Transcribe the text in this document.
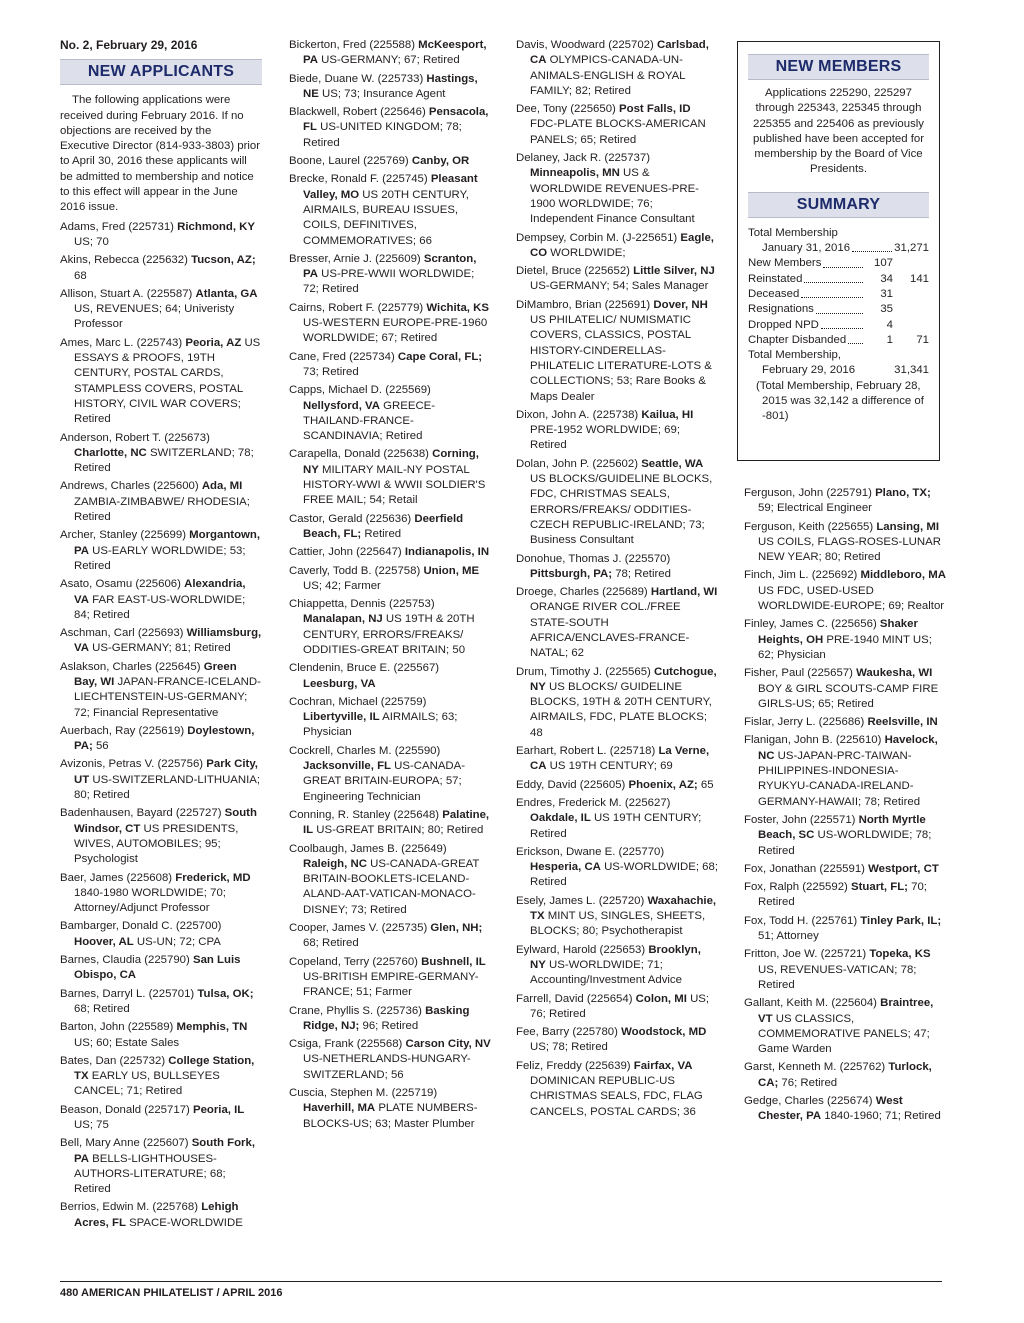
No. 2, February 29, 2016

NEW APPLICANTS

The following applications were received during February 2016. If no objections are received by the Executive Director (814-933-3803) prior to April 30, 2016 these applicants will be admitted to membership and notice to this effect will appear in the June 2016 issue.

Adams, Fred (225731) Richmond, KY US; 70

Akins, Rebecca (225632) Tucson, AZ; 68

Allison, Stuart A. (225587) Atlanta, GA US, REVENUES; 64; Univeristy Professor

Ames, Marc L. (225743) Peoria, AZ US ESSAYS & PROOFS, 19TH CENTURY, POSTAL CARDS, STAMPLESS COVERS, POSTAL HISTORY, CIVIL WAR COVERS; Retired

Anderson, Robert T. (225673) Charlotte, NC SWITZERLAND; 78; Retired

Andrews, Charles (225600) Ada, MI ZAMBIA-ZIMBABWE/ RHODESIA; Retired

Archer, Stanley (225699) Morgantown, PA US-EARLY WORLDWIDE; 53; Retired

Asato, Osamu (225606) Alexandria, VA FAR EAST-US-WORLDWIDE; 84; Retired

Aschman, Carl (225693) Williamsburg, VA US-GERMANY; 81; Retired

Aslakson, Charles (225645) Green Bay, WI JAPAN-FRANCE-ICELAND-LIECHTENSTEIN-US-GERMANY; 72; Financial Representative

Auerbach, Ray (225619) Doylestown, PA; 56

Avizonis, Petras V. (225756) Park City, UT US-SWITZERLAND-LITHUANIA; 80; Retired

Badenhausen, Bayard (225727) South Windsor, CT US PRESIDENTS, WIVES, AUTOMOBILES; 95; Psychologist

Baer, James (225608) Frederick, MD 1840-1980 WORLDWIDE; 70; Attorney/Adjunct Professor

Bambarger, Donald C. (225700) Hoover, AL US-UN; 72; CPA

Barnes, Claudia (225790) San Luis Obispo, CA

Barnes, Darryl L. (225701) Tulsa, OK; 68; Retired

Barton, John (225589) Memphis, TN US; 60; Estate Sales

Bates, Dan (225732) College Station, TX EARLY US, BULLSEYES CANCEL; 71; Retired

Beason, Donald (225717) Peoria, IL US; 75

Bell, Mary Anne (225607) South Fork, PA BELLS-LIGHTHOUSES-AUTHORS-LITERATURE; 68; Retired

Berrios, Edwin M. (225768) Lehigh Acres, FL SPACE-WORLDWIDE

Bickerton, Fred (225588) McKeesport, PA US-GERMANY; 67; Retired

Biede, Duane W. (225733) Hastings, NE US; 73; Insurance Agent

Blackwell, Robert (225646) Pensacola, FL US-UNITED KINGDOM; 78; Retired

Boone, Laurel (225769) Canby, OR

Brecke, Ronald F. (225745) Pleasant Valley, MO US 20TH CENTURY, AIRMAILS, BUREAU ISSUES, COILS, DEFINITIVES, COMMEMORATIVES; 66

Bresser, Arnie J. (225609) Scranton, PA US-PRE-WWII WORLDWIDE; 72; Retired

Cairns, Robert F. (225779) Wichita, KS US-WESTERN EUROPE-PRE-1960 WORLDWIDE; 67; Retired

Cane, Fred (225734) Cape Coral, FL; 73; Retired

Capps, Michael D. (225569) Nellysford, VA GREECE-THAILAND-FRANCE-SCANDINAVIA; Retired

Carapella, Donald (225638) Corning, NY MILITARY MAIL-NY POSTAL HISTORY-WWI & WWII SOLDIER'S FREE MAIL; 54; Retail

Castor, Gerald (225636) Deerfield Beach, FL; Retired

Cattier, John (225647) Indianapolis, IN

Caverly, Todd B. (225758) Union, ME US; 42; Farmer

Chiappetta, Dennis (225753) Manalapan, NJ US 19TH & 20TH CENTURY, ERRORS/FREAKS/ ODDITIES-GREAT BRITAIN; 50

Clendenin, Bruce E. (225567) Leesburg, VA

Cochran, Michael (225759) Libertyville, IL AIRMAILS; 63; Physician

Cockrell, Charles M. (225590) Jacksonville, FL US-CANADA-GREAT BRITAIN-EUROPA; 57; Engineering Technician

Conning, R. Stanley (225648) Palatine, IL US-GREAT BRITAIN; 80; Retired

Coolbaugh, James B. (225649) Raleigh, NC US-CANADA-GREAT BRITAIN-BOOKLETS-ICELAND-ALAND-AAT-VATICAN-MONACO-DISNEY; 73; Retired

Cooper, James V. (225735) Glen, NH; 68; Retired

Copeland, Terry (225760) Bushnell, IL US-BRITISH EMPIRE-GERMANY-FRANCE; 51; Farmer

Crane, Phyllis S. (225736) Basking Ridge, NJ; 96; Retired

Csiga, Frank (225568) Carson City, NV US-NETHERLANDS-HUNGARY-SWITZERLAND; 56

Cuscia, Stephen M. (225719) Haverhill, MA PLATE NUMBERS-BLOCKS-US; 63; Master Plumber

Davis, Woodward (225702) Carlsbad, CA OLYMPICS-CANADA-UN-ANIMALS-ENGLISH & ROYAL FAMILY; 82; Retired

Dee, Tony (225650) Post Falls, ID FDC-PLATE BLOCKS-AMERICAN PANELS; 65; Retired

Delaney, Jack R. (225737) Minneapolis, MN US & WORLDWIDE REVENUES-PRE-1900 WORLDWIDE; 76; Independent Finance Consultant

Dempsey, Corbin M. (J-225651) Eagle, CO WORLDWIDE;

Dietel, Bruce (225652) Little Silver, NJ US-GERMANY; 54; Sales Manager

DiMambro, Brian (225691) Dover, NH US PHILATELIC/ NUMISMATIC COVERS, CLASSICS, POSTAL HISTORY-CINDERELLAS-PHILATELIC LITERATURE-LOTS & COLLECTIONS; 53; Rare Books & Maps Dealer

Dixon, John A. (225738) Kailua, HI PRE-1952 WORLDWIDE; 69; Retired

Dolan, John P. (225602) Seattle, WA US BLOCKS/GUIDELINE BLOCKS, FDC, CHRISTMAS SEALS, ERRORS/FREAKS/ ODDITIES-CZECH REPUBLIC-IRELAND; 73; Business Consultant

Donohue, Thomas J. (225570) Pittsburgh, PA; 78; Retired

Droege, Charles (225689) Hartland, WI ORANGE RIVER COL./FREE STATE-SOUTH AFRICA/ENCLAVES-FRANCE-NATAL; 62

Drum, Timothy J. (225565) Cutchogue, NY US BLOCKS/ GUIDELINE BLOCKS, 19TH & 20TH CENTURY, AIRMAILS, FDC, PLATE BLOCKS; 48

Earhart, Robert L. (225718) La Verne, CA US 19TH CENTURY; 69

Eddy, David (225605) Phoenix, AZ; 65

Endres, Frederick M. (225627) Oakdale, IL US 19TH CENTURY; Retired

Erickson, Dwane E. (225770) Hesperia, CA US-WORLDWIDE; 68; Retired

Esely, James L. (225720) Waxahachie, TX MINT US, SINGLES, SHEETS, BLOCKS; 80; Psychotherapist

Eylward, Harold (225653) Brooklyn, NY US-WORLDWIDE; 71; Accounting/Investment Advice

Farrell, David (225654) Colon, MI US; 76; Retired

Fee, Barry (225780) Woodstock, MD US; 78; Retired

Feliz, Freddy (225639) Fairfax, VA DOMINICAN REPUBLIC-US CHRISTMAS SEALS, FDC, FLAG CANCELS, POSTAL CARDS; 36

NEW MEMBERS

Applications 225290, 225297 through 225343, 225345 through 225355 and 225406 as previously published have been accepted for membership by the Board of Vice Presidents.

SUMMARY
Total Membership
January 31, 2016	31,271
New Members	107
Reinstated	34	141
Deceased	31
Resignations	35
Dropped NPD	4
Chapter Disbanded	1	71
Total Membership,
February 29, 2016	31,341
(Total Membership, February 28, 2015 was 32,142 a difference of -801)

Ferguson, John (225791) Plano, TX; 59; Electrical Engineer

Ferguson, Keith (225655) Lansing, MI US COILS, FLAGS-ROSES-LUNAR NEW YEAR; 80; Retired

Finch, Jim L. (225692) Middleboro, MA US FDC, USED-USED WORLDWIDE-EUROPE; 69; Realtor

Finley, James C. (225656) Shaker Heights, OH PRE-1940 MINT US; 62; Physician

Fisher, Paul (225657) Waukesha, WI BOY & GIRL SCOUTS-CAMP FIRE GIRLS-US; 65; Retired

Fislar, Jerry L. (225686) Reelsville, IN

Flanigan, John B. (225610) Havelock, NC US-JAPAN-PRC-TAIWAN-PHILIPPINES-INDONESIA-RYUKYU-CANADA-IRELAND-GERMANY-HAWAII; 78; Retired

Foster, John (225571) North Myrtle Beach, SC US-WORLDWIDE; 78; Retired

Fox, Jonathan (225591) Westport, CT

Fox, Ralph (225592) Stuart, FL; 70; Retired

Fox, Todd H. (225761) Tinley Park, IL; 51; Attorney

Fritton, Joe W. (225721) Topeka, KS US, REVENUES-VATICAN; 78; Retired

Gallant, Keith M. (225604) Braintree, VT US CLASSICS, COMMEMORATIVE PANELS; 47; Game Warden

Garst, Kenneth M. (225762) Turlock, CA; 76; Retired

Gedge, Charles (225674) West Chester, PA 1840-1960; 71; Retired

480 AMERICAN PHILATELIST / APRIL 2016
